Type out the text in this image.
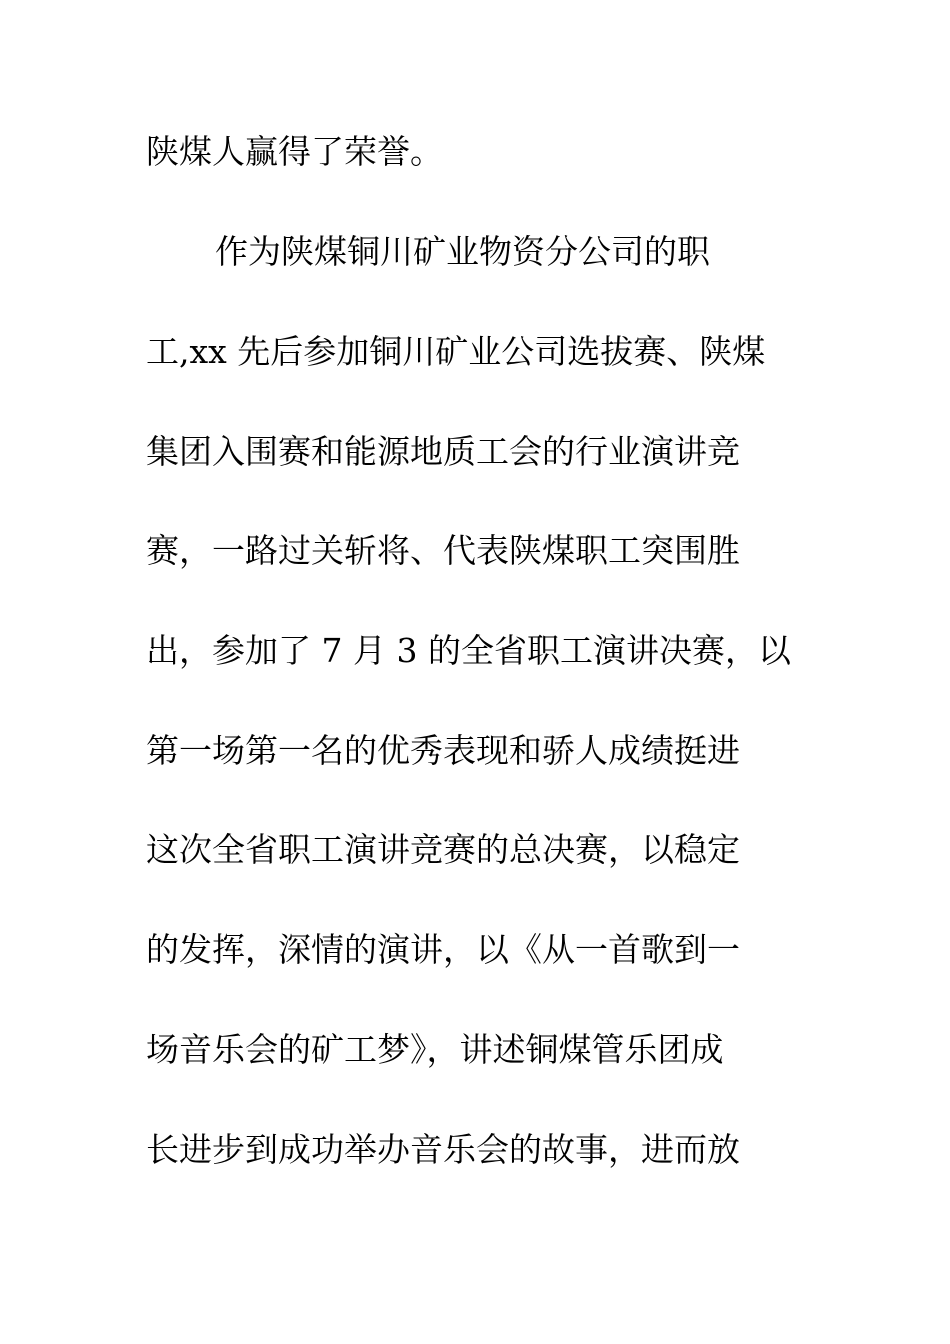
陕煤人赢得了荣誉。
作为陕煤铜川矿业物资分公司的职
工,xx 先后参加铜川矿业公司选拔赛、陕煤
集团入围赛和能源地质工会的行业演讲竞
赛，一路过关斩将、代表陕煤职工突围胜
出，参加了 7 月 3 的全省职工演讲决赛，以
第一场第一名的优秀表现和骄人成绩挺进
这次全省职工演讲竞赛的总决赛，以稳定
的发挥，深情的演讲，以《从一首歌到一
场音乐会的矿工梦》，讲述铜煤管乐团成
长进步到成功举办音乐会的故事，进而放
